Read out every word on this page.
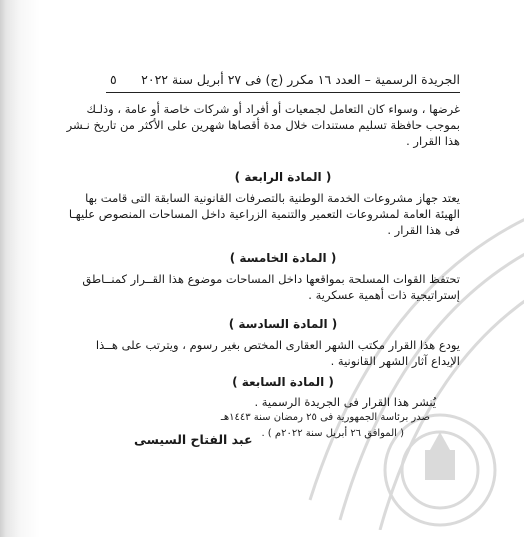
الجريدة الرسمية – العدد ١٦ مكرر (ج) فى ٢٧ أبريل سنة ٢٠٢٢
٥
غرضها ، وسواء كان التعامل لجمعيات أو أفراد أو شركات خاصة أو عامة ، وذلـك
بموجب حافظة تسليم مستندات خلال مدة أقصاها شهرين على الأكثر من تاريخ نـشر
هذا القرار .
( المادة الرابعة )
يعتد جهاز مشروعات الخدمة الوطنية بالتصرفات القانونية السابقة التى قامت بها
الهيئة العامة لمشروعات التعمير والتنمية الزراعية داخل المساحات المنصوص عليهـا
فى هذا القرار .
( المادة الخامسة )
تحتفظ القوات المسلحة بمواقعها داخل المساحات موضوع هذا القــرار كمنــاطق
إستراتيجية ذات أهمية عسكرية .
( المادة السادسة )
يودع هذا القرار مكتب الشهر العقارى المختص بغير رسوم ، ويترتب على هــذا
الإيداع آثار الشهر القانونية .
( المادة السابعة )
يُنشر هذا القرار فى الجريدة الرسمية .
صدر برئاسة الجمهورية فى ٢٥ رمضان سنة ١٤٤٣هـ
( الموافق ٢٦ أبريل سنة ٢٠٢٢م ) .
عبد الفتاح السيسى
